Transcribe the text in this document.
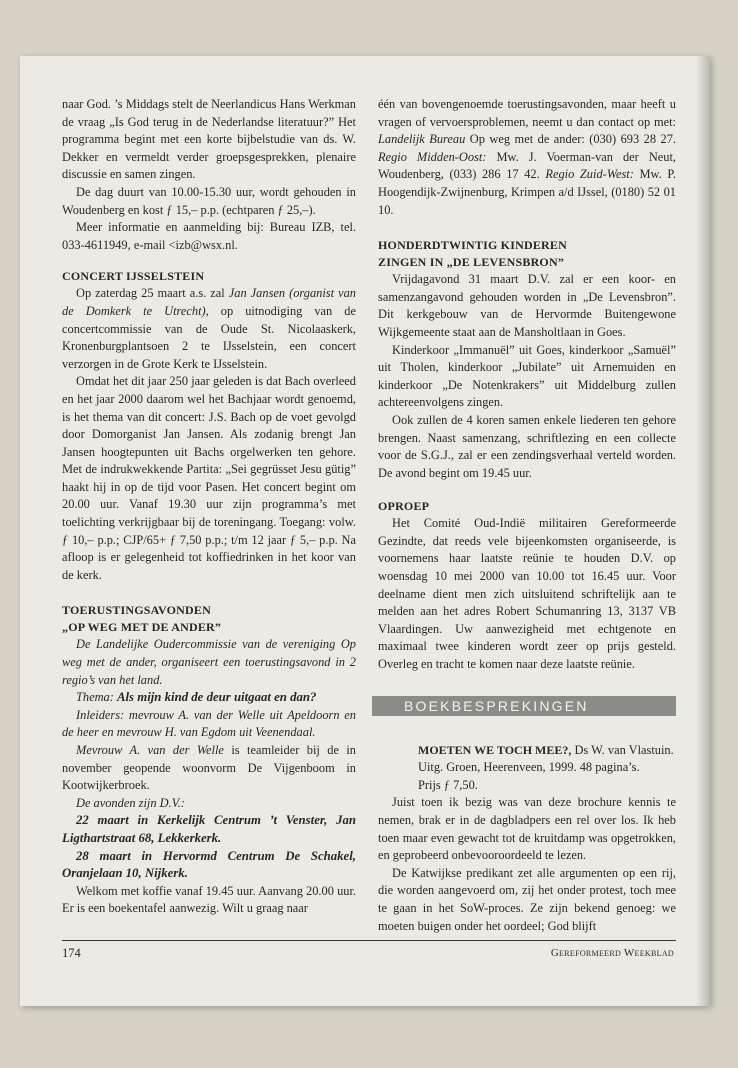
naar God. ’s Middags stelt de Neerlandicus Hans Werkman de vraag „Is God terug in de Nederlandse literatuur?” Het programma begint met een korte bijbelstudie van ds. W. Dekker en vermeldt verder groepsgesprekken, plenaire discussie en samen zingen.

De dag duurt van 10.00-15.30 uur, wordt gehouden in Woudenberg en kost ƒ 15,– p.p. (echtparen ƒ 25,–).

Meer informatie en aanmelding bij: Bureau IZB, tel. 033-4611949, e-mail <izb@wsx.nl.

CONCERT IJSSELSTEIN

Op zaterdag 25 maart a.s. zal Jan Jansen (organist van de Domkerk te Utrecht), op uitnodiging van de concertcommissie van de Oude St. Nicolaaskerk, Kronenburgplantsoen 2 te IJsselstein, een concert verzorgen in de Grote Kerk te IJsselstein.

Omdat het dit jaar 250 jaar geleden is dat Bach overleed en het jaar 2000 daarom wel het Bachjaar wordt genoemd, is het thema van dit concert: J.S. Bach op de voet gevolgd door Domorganist Jan Jansen. Als zodanig brengt Jan Jansen hoogtepunten uit Bachs orgelwerken ten gehore. Met de indrukwekkende Partita: „Sei gegrüsset Jesu gütig” haakt hij in op de tijd voor Pasen. Het concert begint om 20.00 uur. Vanaf 19.30 uur zijn programma’s met toelichting verkrijgbaar bij de toreningang. Toegang: volw. ƒ 10,– p.p.; CJP/65+ ƒ 7,50 p.p.; t/m 12 jaar ƒ 5,– p.p. Na afloop is er gelegenheid tot koffiedrinken in het koor van de kerk.

TOERUSTINGSAVONDEN
„OP WEG MET DE ANDER”

De Landelijke Oudercommissie van de vereniging Op weg met de ander, organiseert een toerustingsavond in 2 regio’s van het land.

Thema: Als mijn kind de deur uitgaat en dan?

Inleiders: mevrouw A. van der Welle uit Apeldoorn en de heer en mevrouw H. van Egdom uit Veenendaal.

Mevrouw A. van der Welle is teamleider bij de in november geopende woonvorm De Vijgenboom in Kootwijkerbroek.

De avonden zijn D.V.:

22 maart in Kerkelijk Centrum ’t Venster, Jan Ligthartstraat 68, Lekkerkerk.

28 maart in Hervormd Centrum De Schakel, Oranjelaan 10, Nijkerk.

Welkom met koffie vanaf 19.45 uur. Aanvang 20.00 uur. Er is een boekentafel aanwezig. Wilt u graag naar

één van bovengenoemde toerustingsavonden, maar heeft u vragen of vervoersproblemen, neemt u dan contact op met: Landelijk Bureau Op weg met de ander: (030) 693 28 27. Regio Midden-Oost: Mw. J. Voerman-van der Neut, Woudenberg, (033) 286 17 42. Regio Zuid-West: Mw. P. Hoogendijk-Zwijnenburg, Krimpen a/d IJssel, (0180) 52 01 10.

HONDERDTWINTIG KINDEREN
ZINGEN IN „DE LEVENSBRON”

Vrijdagavond 31 maart D.V. zal er een koor- en samenzangavond gehouden worden in „De Levensbron”. Dit kerkgebouw van de Hervormde Buitengewone Wijkgemeente staat aan de Mansholtlaan in Goes.

Kinderkoor „Immanuël” uit Goes, kinderkoor „Samuël” uit Tholen, kinderkoor „Jubilate” uit Arnemuiden en kinderkoor „De Notenkrakers” uit Middelburg zullen achtereenvolgens zingen.

Ook zullen de 4 koren samen enkele liederen ten gehore brengen. Naast samenzang, schriftlezing en een collecte voor de S.G.J., zal er een zendingsverhaal verteld worden. De avond begint om 19.45 uur.

OPROEP

Het Comité Oud-Indië militairen Gereformeerde Gezindte, dat reeds vele bijeenkomsten organiseerde, is voornemens haar laatste reünie te houden D.V. op woensdag 10 mei 2000 van 10.00 tot 16.45 uur. Voor deelname dient men zich uitsluitend schriftelijk aan te melden aan het adres Robert Schumanring 13, 3137 VB Vlaardingen. Uw aanwezigheid met echtgenote en maximaal twee kinderen wordt zeer op prijs gesteld. Overleg en tracht te komen naar deze laatste reünie.

BOEKBESPREKINGEN

MOETEN WE TOCH MEE?, Ds W. van Vlastuin.

Uitg. Groen, Heerenveen, 1999. 48 pagina’s.

Prijs ƒ 7,50.

Juist toen ik bezig was van deze brochure kennis te nemen, brak er in de dagbladpers een rel over los. Ik heb toen maar even gewacht tot de kruitdamp was opgetrokken, en geprobeerd onbevooroordeeld te lezen.

De Katwijkse predikant zet alle argumenten op een rij, die worden aangevoerd om, zij het onder protest, toch mee te gaan in het SoW-proces. Ze zijn bekend genoeg: we moeten buigen onder het oordeel; God blijft

174	Gereformeerd Weekblad
